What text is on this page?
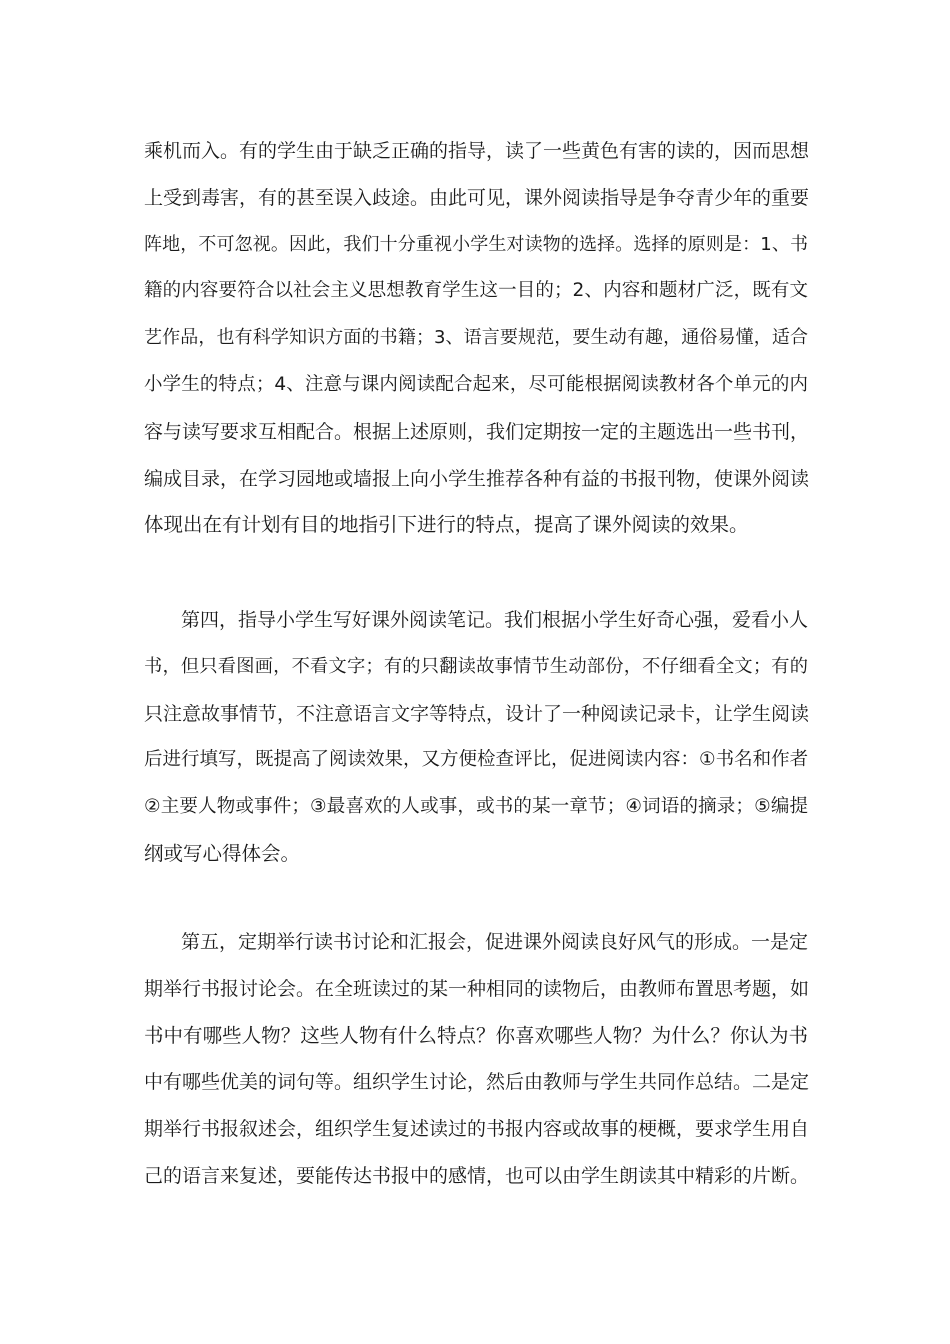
乘机而入。有的学生由于缺乏正确的指导，读了一些黄色有害的读的，因而思想
上受到毒害，有的甚至误入歧途。由此可见，课外阅读指导是争夺青少年的重要
阵地，不可忽视。因此，我们十分重视小学生对读物的选择。选择的原则是：1、书
籍的内容要符合以社会主义思想教育学生这一目的；2、内容和题材广泛，既有文
艺作品，也有科学知识方面的书籍；3、语言要规范，要生动有趣，通俗易懂，适合
小学生的特点；4、注意与课内阅读配合起来，尽可能根据阅读教材各个单元的内
容与读写要求互相配合。根据上述原则，我们定期按一定的主题选出一些书刊，
编成目录，在学习园地或墙报上向小学生推荐各种有益的书报刊物，使课外阅读
体现出在有计划有目的地指引下进行的特点，提高了课外阅读的效果。
第四，指导小学生写好课外阅读笔记。我们根据小学生好奇心强，爱看小人
书，但只看图画，不看文字；有的只翻读故事情节生动部份，不仔细看全文；有的
只注意故事情节，不注意语言文字等特点，设计了一种阅读记录卡，让学生阅读
后进行填写，既提高了阅读效果，又方便检查评比，促进阅读内容：①书名和作者
②主要人物或事件；③最喜欢的人或事，或书的某一章节；④词语的摘录；⑤编提
纲或写心得体会。
第五，定期举行读书讨论和汇报会，促进课外阅读良好风气的形成。一是定
期举行书报讨论会。在全班读过的某一种相同的读物后，由教师布置思考题，如
书中有哪些人物？这些人物有什么特点？你喜欢哪些人物？为什么？你认为书
中有哪些优美的词句等。组织学生讨论，然后由教师与学生共同作总结。二是定
期举行书报叙述会，组织学生复述读过的书报内容或故事的梗概，要求学生用自
己的语言来复述，要能传达书报中的感情，也可以由学生朗读其中精彩的片断。
